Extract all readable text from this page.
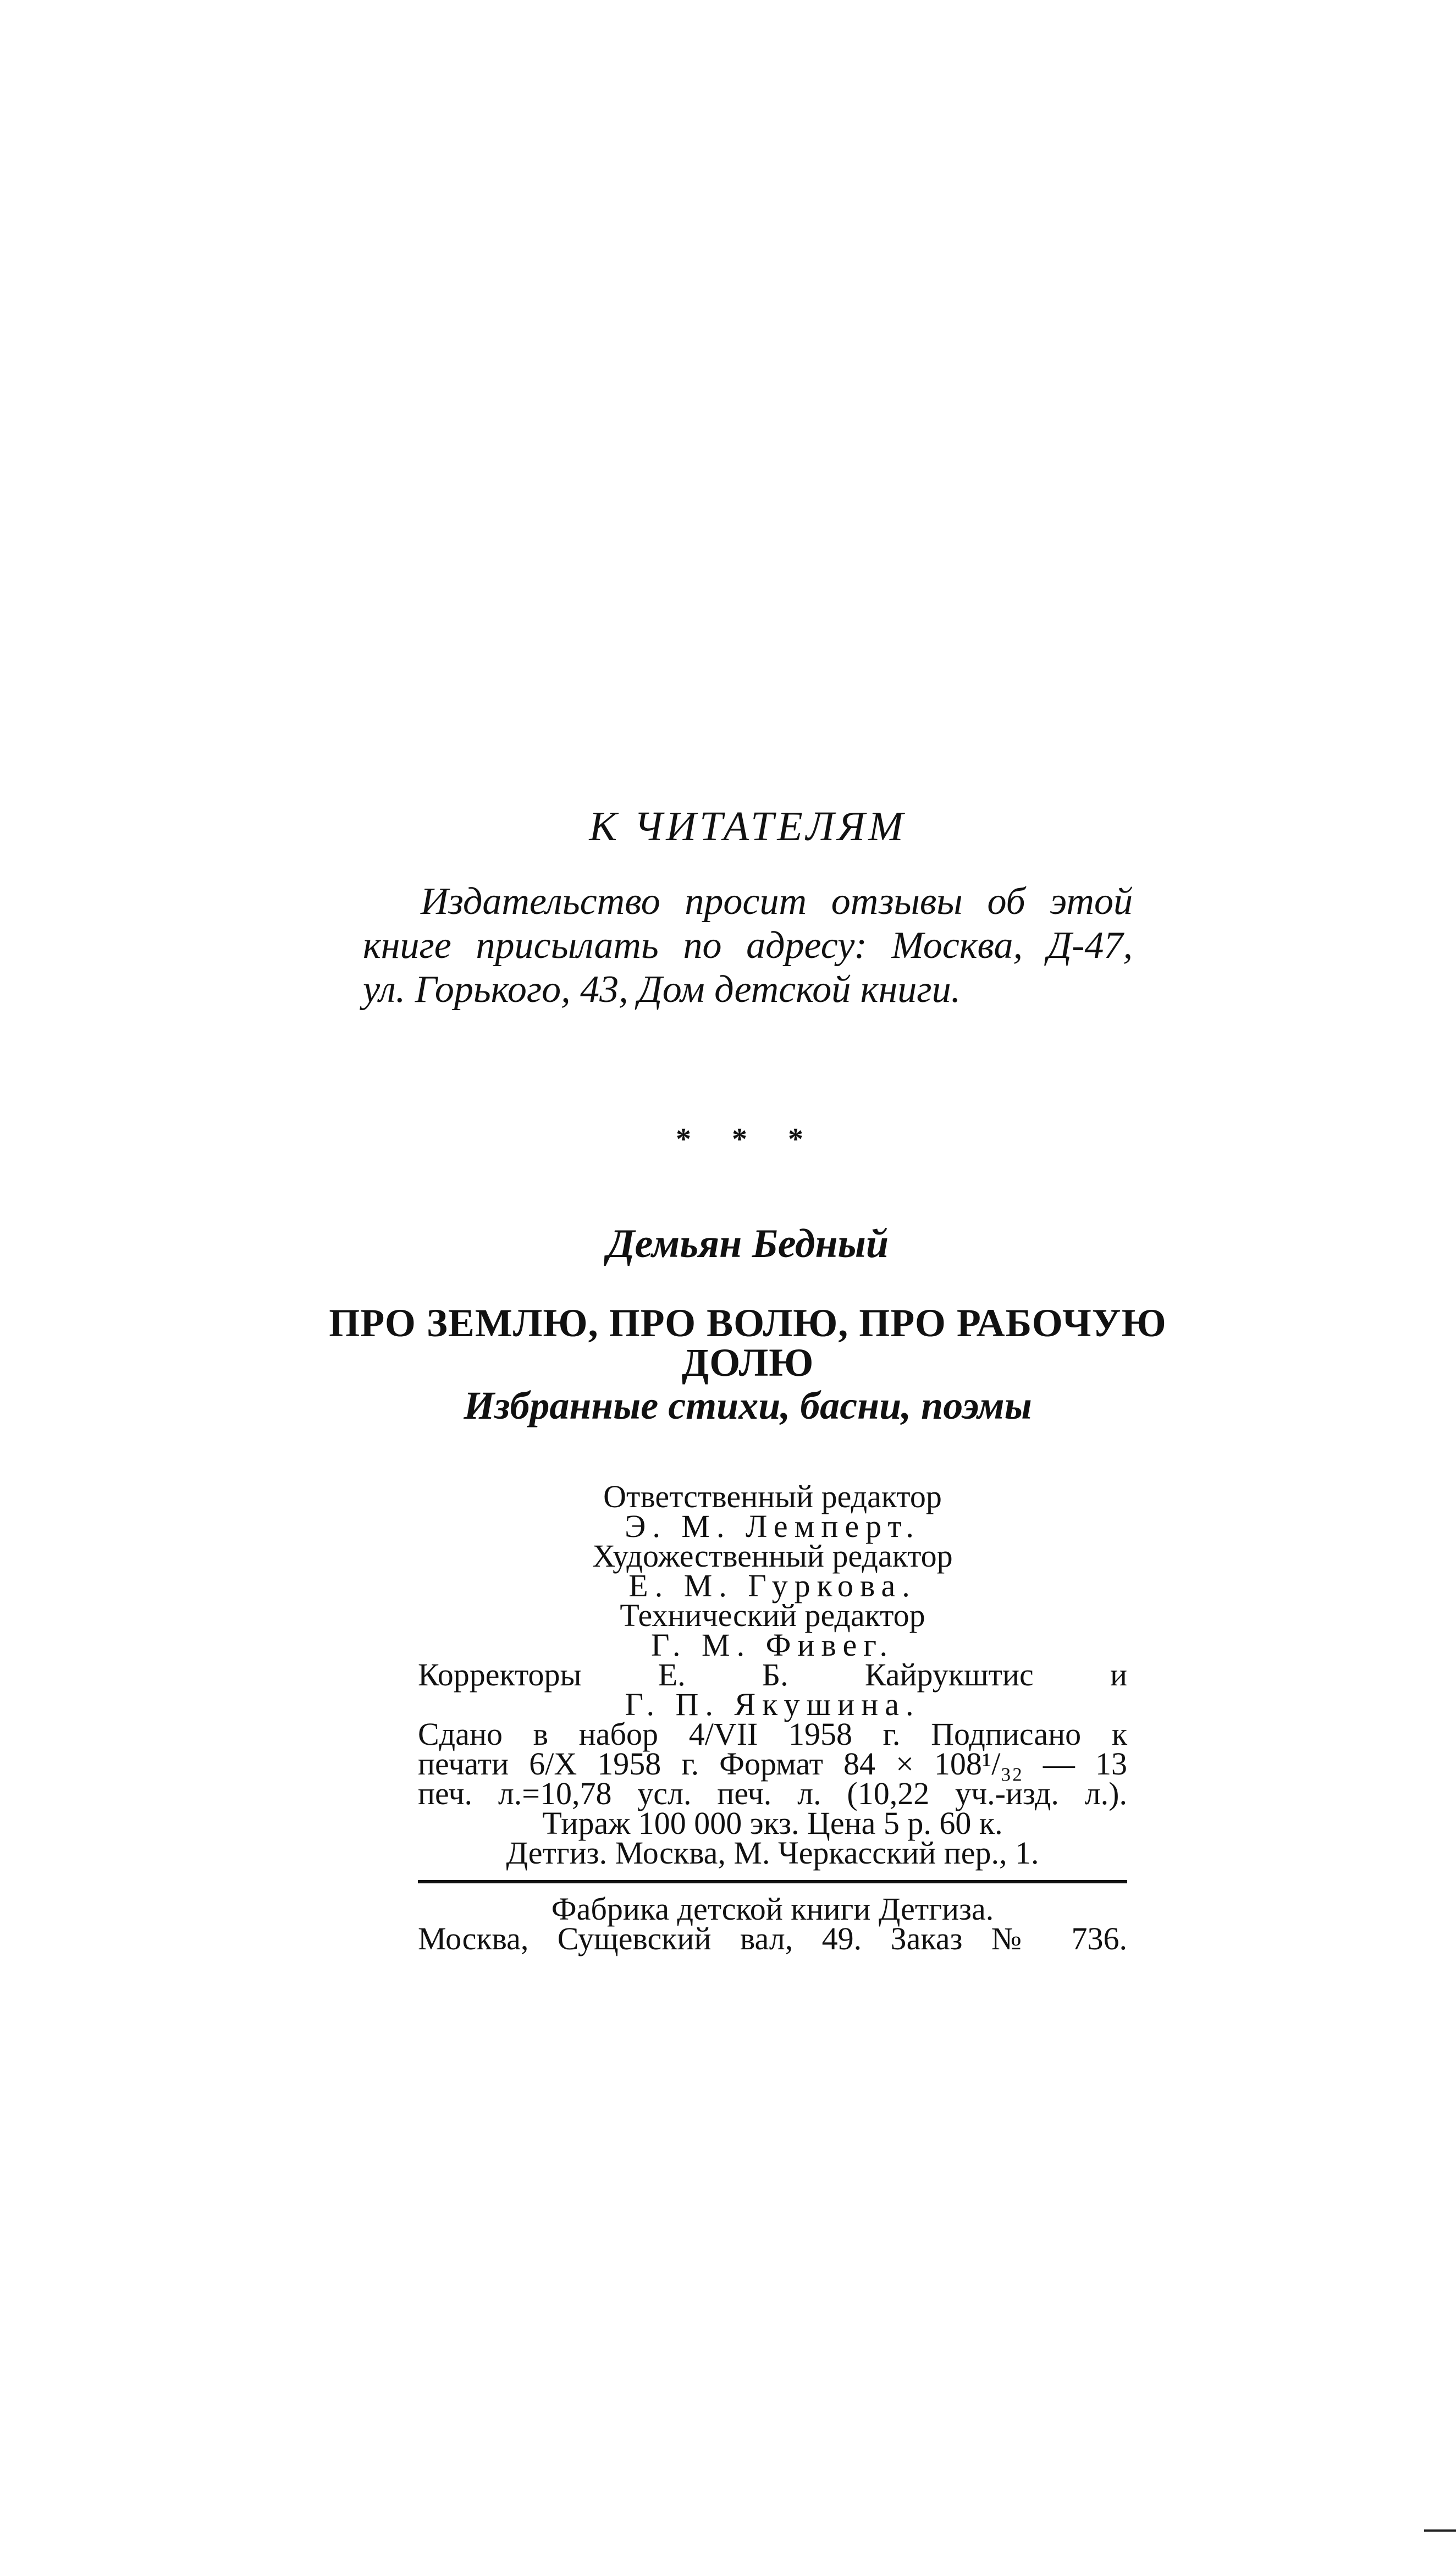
К ЧИТАТЕЛЯМ
Издательство просит отзывы об этой
книге присылать по адресу: Москва, Д-47,
ул. Горького, 43, Дом детской книги.
* * *
Демьян Бедный
ПРО ЗЕМЛЮ, ПРО ВОЛЮ, ПРО РАБОЧУЮ ДОЛЮ
Избранные стихи, басни, поэмы
Ответственный редактор
Э. М. Лемперт.
Художественный редактор
Е. М. Гуркова.
Технический редактор
Г. М. Фивег.
Корректоры Е. Б. Кайрукштис и
Г. П. Якушина.
Сдано в набор 4/VII 1958 г. Подписано к
печати 6/X 1958 г. Формат 84 × 108¹/₃₂ — 13
печ. л.=10,78 усл. печ. л. (10,22 уч.-изд. л.).
Тираж 100 000 экз. Цена 5 р. 60 к.
Детгиз. Москва, М. Черкасский пер., 1.
Фабрика детской книги Детгиза.
Москва, Сущевский вал, 49. Заказ № 736.
